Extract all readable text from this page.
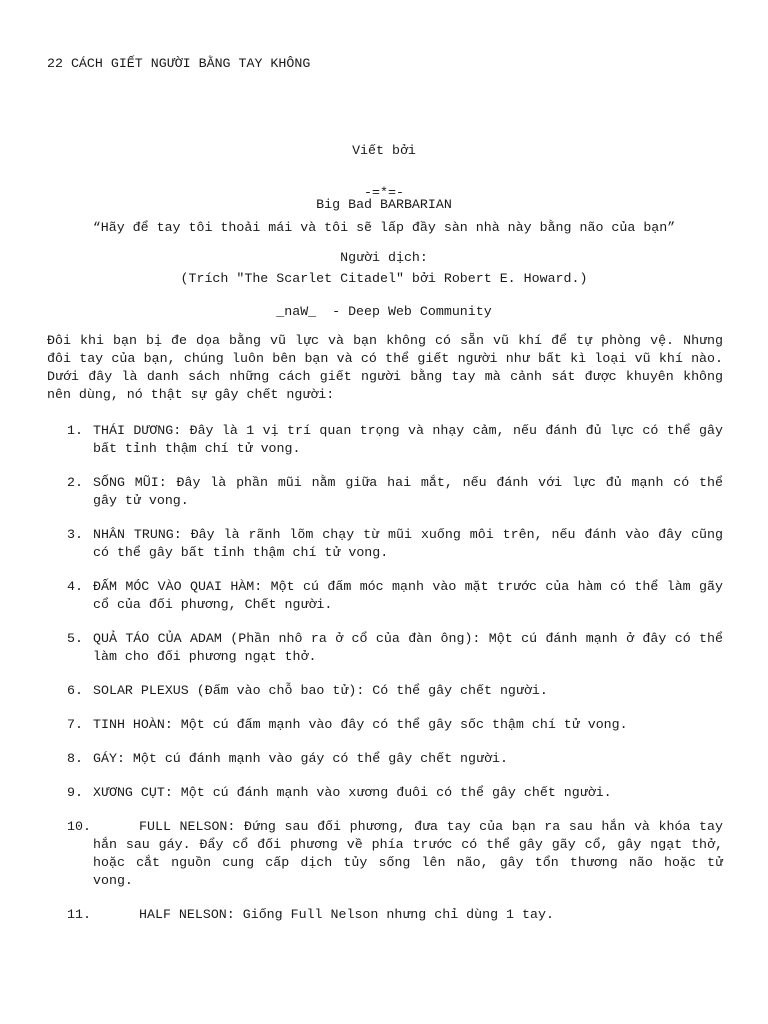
22 CÁCH GIẾT NGƯỜI BẰNG TAY KHÔNG

Viết bởi

Big Bad BARBARIAN

Người dịch:

_naW_  - Deep Web Community

-=*=-
“Hãy để tay tôi thoải mái và tôi sẽ lấp đầy sàn nhà này bằng não của bạn”
(Trích "The Scarlet Citadel" bởi Robert E. Howard.)
Đôi khi bạn bị đe dọa bằng vũ lực và bạn không có sẵn vũ khí để tự phòng vệ. Nhưng đôi tay của bạn, chúng luôn bên bạn và có thể giết người như bất kì loại vũ khí nào. Dưới đây là danh sách những cách giết người bằng tay mà cảnh sát được khuyên không nên dùng, nó thật sự gây chết người:
1. THÁI DƯƠNG: Đây là 1 vị trí quan trọng và nhạy cảm, nếu đánh đủ lực có thể gây bất tỉnh thậm chí tử vong.
2. SỐNG MŨI: Đây là phần mũi nằm giữa hai mắt, nếu đánh với lực đủ mạnh có thể gây tử vong.
3. NHÂN TRUNG: Đây là rãnh lõm chạy từ mũi xuống môi trên, nếu đánh vào đây cũng có thể gây bất tỉnh thậm chí tử vong.
4. ĐẤM MÓC VÀO QUAI HÀM: Một cú đấm móc mạnh vào mặt trước của hàm có thể làm gãy cổ của đối phương, Chết người.
5. QUẢ TÁO CỦA ADAM (Phần nhô ra ở cổ của đàn ông): Một cú đánh mạnh ở đây có thể làm cho đối phương ngạt thở.
6. SOLAR PLEXUS (Đấm vào chỗ bao tử): Có thể gây chết người.
7. TINH HOÀN: Một cú đấm mạnh vào đây có thể gây sốc thậm chí tử vong.
8. GÁY: Một cú đánh mạnh vào gáy có thể gây chết người.
9. XƯƠNG CỤT: Một cú đánh mạnh vào xương đuôi có thể gây chết người.
10.	FULL NELSON: Đứng sau đối phương, đưa tay của bạn ra sau hắn và khóa tay hắn sau gáy. Đẩy cổ đối phương về phía trước có thể gây gãy cổ, gây ngạt thở, hoặc cắt nguồn cung cấp dịch tủy sống lên não, gây tổn thương não hoặc tử vong.
11.	HALF NELSON: Giống Full Nelson nhưng chỉ dùng 1 tay.
